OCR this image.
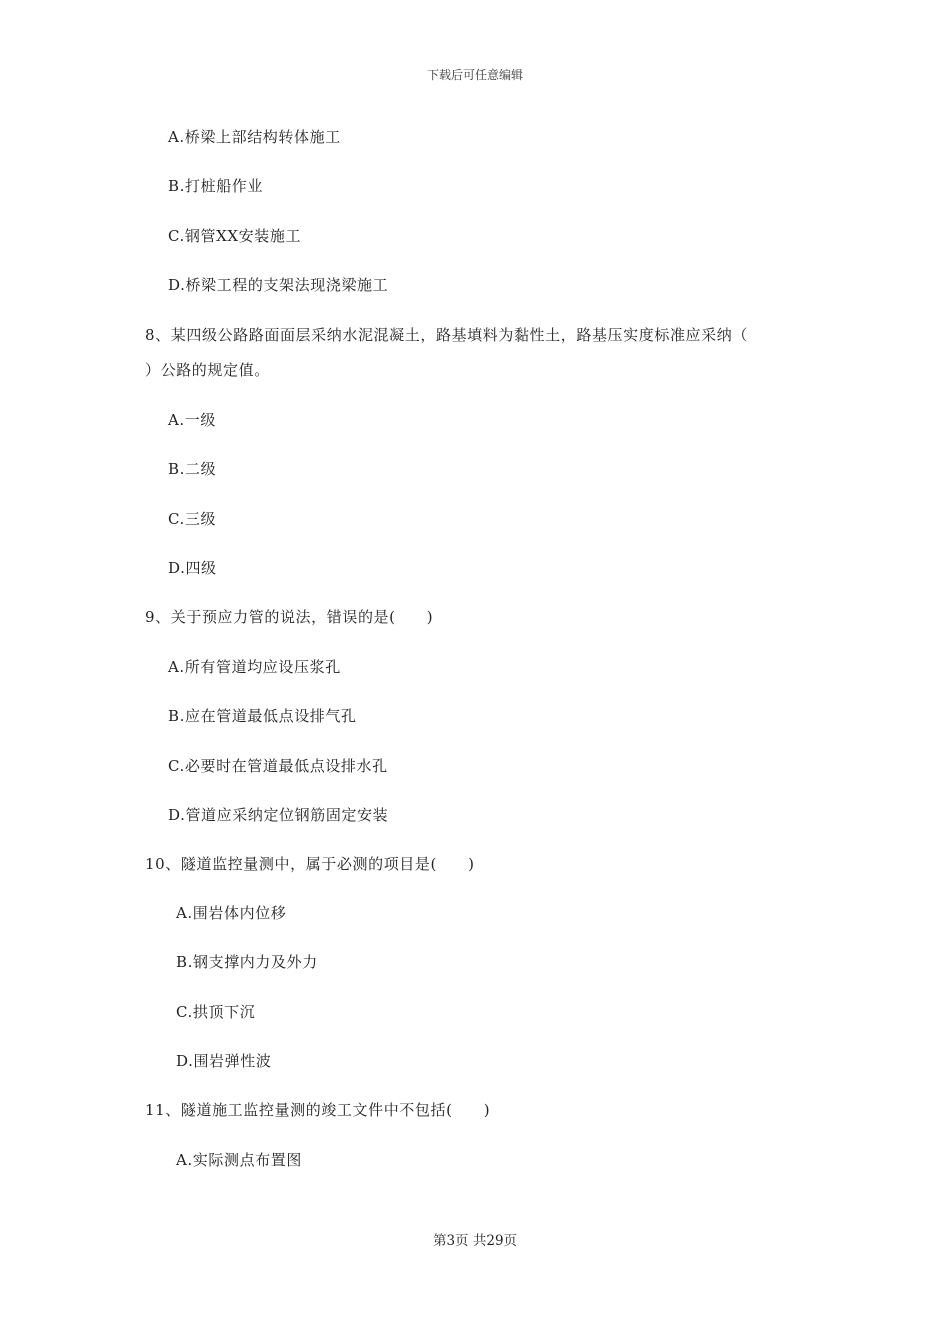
下载后可任意编辑
A.桥梁上部结构转体施工
B.打桩船作业
C.钢管XX安装施工
D.桥梁工程的支架法现浇梁施工
8、某四级公路路面面层采纳水泥混凝土，路基填料为黏性土，路基压实度标准应采纳（
）公路的规定值。
A.一级
B.二级
C.三级
D.四级
9、关于预应力管的说法，错误的是(　　)
A.所有管道均应设压浆孔
B.应在管道最低点设排气孔
C.必要时在管道最低点设排水孔
D.管道应采纳定位钢筋固定安装
10、隧道监控量测中，属于必测的项目是(　　)
A.围岩体内位移
B.钢支撑内力及外力
C.拱顶下沉
D.围岩弹性波
11、隧道施工监控量测的竣工文件中不包括(　　)
A.实际测点布置图
第3页 共29页
